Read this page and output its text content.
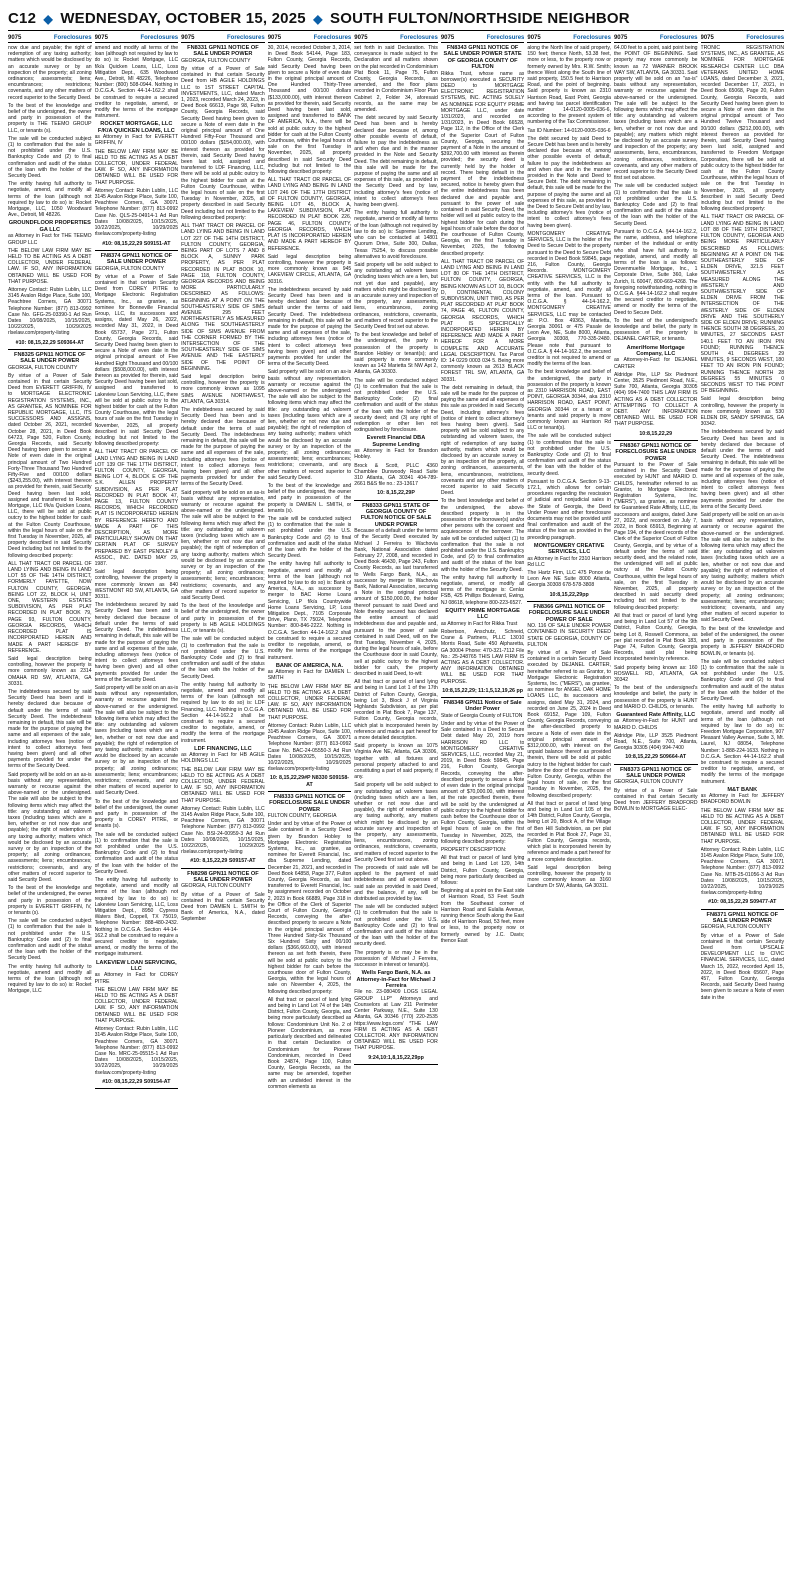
C12 ◆ WEDNESDAY, OCTOBER 15, 2025 ◆ SOUTH FULTON/NORTHSIDE NEIGHBOR
9075	Foreclosures

now due and payable; the right of redemption of any taxing authority; matters which would be disclosed by an accurate survey or by an inspection of the property; all zoning ordinances; assessments; liens; encumbrances; restrictions; covenants, and any other matters of record superior to the Security Deed.

To the best of the knowledge and belief of the undersigned, the owner and party in possession of the property is THE TEEMO GROUP LLC, or tenants (s).

The sale will be conducted subject (1) to confirmation that the sale is not prohibited under the U.S. Bankruptcy Code and (2) to final confirmation and audit of the status of the loan with the holder of the Security Deed.

The entity having full authority to negotiate, amend, and modify all terms of the loan (although not required by law to do so) is: Rocket Mortgage, LLC, 1050 Woodward Ave., Detroit, MI 48226.

GROUNDFLOOR PROPERTIES GA LLC

as Attorney in Fact for THE TEEMO GROUP LLC

THE BELOW LAW FIRM MAY BE HELD TO BE ACTING AS A DEBT COLLECTOR, UNDER FEDERAL LAW. IF SO, ANY INFORMATION OBTAINED WILL BE USED FOR THAT PURPOSE.

Attorney Contact: Rubin Lublin, LLC 3145 Avalon Ridge Place, Suite 100, Peachtree Corners, GA 30071 Telephone Number: (877) 813-0992 Case No. GFG-25-03390-1 Ad Run Dates 10/08/2025, 10/15/2025, 10/22/2025, 10/29/2025 rlselaw.com/property-listing

#10: 08,15,22,29 S09364-AT
FN8325 GPN11 NOTICE OF SALE UNDER POWER

GEORGIA, FULTON COUNTY

By virtue of a Power of Sale contained in that certain Security Deed from EVERETT GRIFFIN, IV to MORTGAGE ELECTRONIC REGISTRATION SYSTEMS, INC., AS GRANTEE, AS NOMINEE FOR REPUBLIC MORTGAGE, LLC, ITS SUCCESSORS AND ASSIGNS, dated October 26, 2021, recorded October 28, 2021, in Deed Book 64723, Page 520, Fulton County, Georgia Records, said Security Deed having been given to secure a Note of even date in the original principal amount of Two Hundred Forty-Three Thousand Two Hundred Fifty-Five and 00/100 dollars ($243,255.00), with interest thereon as provided for therein, said Security Deed having been last sold, assigned and transferred to Rocket Mortgage, LLC f/k/a Quicken Loans, LLC, there will be sold at public outcry to the highest bidder for cash at the Fulton County Courthouse, within the legal hours of sale on the first Tuesday in November, 2025, all property described in said Security Deed including but not limited to the following described property:

ALL THAT TRACT OR PARCEL OF LAND LYING AND BEING IN LAND LOT 55 OF THE 14TH DISTRICT, FORMERLY FAYETTE, NOW FULTON COUNTY, GEORGIA, BEING LOT 22, BLOCK H, UNIT ONE, WESTERN ESTATES SUBDIVISION, AS PER PLAT RECORDED IN PLAT BOOK 79, PAGE 93, FULTON COUNTY, GEORGIA RECORDS, WHICH RECORDED PLAT IS INCORPORATED HEREIN AND MADE A PART HEREOF BY REFERENCE.

Said legal description being controlling, however the property is more commonly known as 2314 OMAHA RD SW, ATLANTA, GA 30331.

The indebtedness secured by said Security Deed has been and is hereby declared due because of default under the terms of said Security Deed. The indebtedness remaining in default, this sale will be made for the purpose of paying the same and all expenses of the sale, including attorneys fees (notice of intent to collect attorneys fees having been given) and all other payments provided for under the terms of the Security Deed.

Said property will be sold on an as-is basis without any representation, warranty or recourse against the above-named or the undersigned. The sale will also be subject to the following items which may affect the title: any outstanding ad valorem taxes (including taxes which are a lien, whether or not now due and payable); the right of redemption of any taxing authority; matters which would be disclosed by an accurate survey or by an inspection of the property; all zoning ordinances; assessments; liens; encumbrances; restrictions; covenants, and any other matters of record superior to said Security Deed.

To the best of the knowledge and belief of the undersigned, the owner and party in possession of the property is EVERETT GRIFFIN, IV, or tenants (s).

The sale will be conducted subject (1) to confirmation that the sale is not prohibited under the U.S. Bankruptcy Code and (2) to final confirmation and audit of the status of the loan with the holder of the Security Deed.

The entity having full authority to negotiate, amend and modify all terms of the loan (although not required by law to do so) is: Rocket Mortgage, LLC

9075	Foreclosures

amend and modify all terms of the loan (although not required by law to do so) is: Rocket Mortgage, LLC f/k/a Quicken Loans, LLC, Loss Mitigation Dept., 635 Woodward Ave., Detroit, MI 48226, Telephone Number: (800) 508-0944. Nothing in O.C.G.A. Section 44-14-162.2 shall be construed to require a secured creditor to negotiate, amend, or modify the terms of the mortgage instrument.

ROCKET MORTGAGE, LLC F/K/A QUICKEN LOANS, LLC

as Attorney in Fact for EVERETT GRIFFIN, IV

THE BELOW LAW FIRM MAY BE HELD TO BE ACTING AS A DEBT COLLECTOR, UNDER FEDERAL LAW. IF SO, ANY INFORMATION OBTAINED WILL BE USED FOR THAT PURPOSE.

Attorney Contact: Rubin Lublin, LLC 3145 Avalon Ridge Place, Suite 100, Peachtree Corners, GA 30071 Telephone Number: (877) 813-0992 Case No. QLS-25-04914-1 Ad Run Dates 10/08/2025, 10/15/2025, 10/22/2025, 10/29/2025 rlselaw.com/property-listing

#10: 08,15,22,29 S09151-AT
FN8374 GPN11 NOTICE OF SALE UNDER POWER

GEORGIA, FULTON COUNTY

By virtue of a Power of Sale contained in that certain Security Deed from COREY PITRE to Mortgage Electronic Registration Systems, Inc., as grantee, as nominee for Bonneville Financial Group, LLC, its successors and assigns, dated May 26, 2022, recorded May 31, 2022, in Deed Book 65737, Page 271, Fulton County, Georgia Records, said Security Deed having been given to secure a Note of even date in the original principal amount of Five Hundred Eight Thousand and 00/100 dollars ($508,000.00), with interest thereon as provided for therein, said Security Deed having been last sold, assigned and transferred to Lakeview Loan Servicing, LLC, there will be sold at public outcry to the highest bidder for cash at the Fulton County Courthouse, within the legal hours of sale on the first Tuesday in November, 2025, all property described in said Security Deed including but not limited to the following described property:

ALL THAT TRACT OR PARCEL OF LAND LYING AND BEING IN LAND LOT 139 OF THE 17TH DISTRICT, FULTON COUNTY, GEORGIA, BEING LOT 4, BLOCK E OF THE S.K. ALLEN PROPERTY SUBDIVISION, AS PER PLAT RECORDED IN PLAT BOOK 47, PAGE 13, FULTON COUNTY RECORDS, WHICH RECORDED PLAT IS INCORPORATED HEREIN BY REFERENCE HERETO AND MADE A PART OF THIS DESCRIPTION, AS MORE PARTICULARLY SHOWN ON THAT CERTAIN PLAT OF SURVEY PREPARED BY EAST PENDLEY & ASSOC., INC. DATED MAY 29, 1987.

Said legal description being controlling, however the property is more commonly known as 840 WESTMONT RD SW, ATLANTA, GA 30311.

The indebtedness secured by said Security Deed has been and is hereby declared due because of default under the terms of said Security Deed. The indebtedness remaining in default, this sale will be made for the purpose of paying the same and all expenses of the sale, including attorneys fees (notice of intent to collect attorneys fees having been given) and all other payments provided for under the terms of the Security Deed.

Said property will be sold on an as-is basis without any representation, warranty or recourse against the above-named or the undersigned. The sale will also be subject to the following items which may affect the title: any outstanding ad valorem taxes (including taxes which are a lien, whether or not now due and payable); the right of redemption of any taxing authority; matters which would be disclosed by an accurate survey or by an inspection of the property; all zoning ordinances; assessments; liens; encumbrances; restrictions; covenants, and any other matters of record superior to said Security Deed.

To the best of the knowledge and belief of the undersigned, the owner and party in possession of the property is COREY PITRE, or tenants (s).

The sale will be conducted subject (1) to confirmation that the sale is not prohibited under the U.S. Bankruptcy Code and (2) to final confirmation and audit of the status of the loan with the holder of the Security Deed.

The entity having full authority to negotiate, amend and modify all terms of the loan (although not required by law to do so) is: Lakeview Loan Servicing, LLC, Loss Mitigation Dept., 8950 Cypress Waters Blvd, Coppell, TX 75019, Telephone Number: 888-480-2432. Nothing in O.C.G.A. Section 44-14-162.2 shall be construed to require a secured creditor to negotiate, amend, or modify the terms of the mortgage instrument.

LAKEVIEW LOAN SERVICING, LLC

as Attorney in Fact for COREY PITRE

THE BELOW LAW FIRM MAY BE HELD TO BE ACTING AS A DEBT COLLECTOR, UNDER FEDERAL LAW. IF SO, ANY INFORMATION OBTAINED WILL BE USED FOR THAT PURPOSE.

Attorney Contact: Rubin Lublin, LLC 3145 Avalon Ridge Place, Suite 100, Peachtree Corners, GA 30071 Telephone Number: (877) 813-0992 Case No. MRC-25-05515-1 Ad Run Dates 10/08/2025, 10/15/2025, 10/22/2025, 10/29/2025 rlselaw.com/property-listing

#10: 08,15,22,29 S09154-AT
9075	Foreclosures
FN8331 GPN11 NOTICE OF SALE UNDER POWER

GEORGIA, FULTON COUNTY

By virtue of a Power of Sale contained in that certain Security Deed from HB AGILE HOLDINGS LLC to 1ST STREET CAPITAL INVESTMENTS, LLC, dated March 1, 2023, recorded March 24, 2023, in Deed Book 66613, Page 98, Fulton County, Georgia Records, said Security Deed having been given to secure a Note of even date in the original principal amount of One Hundred Fifty-Four Thousand and 00/100 dollars ($154,000.00), with interest thereon as provided for therein, said Security Deed having been last sold, assigned and transferred to LDF Financing, LLC, there will be sold at public outcry to the highest bidder for cash at the Fulton County Courthouse, within the legal hours of sale on the first Tuesday in November, 2025, all property described in said Security Deed including but not limited to the following described property:

ALL THAT TRACT OR PARCEL OF LAND LYING AND BEING IN LAND LOT 227 OF THE 14TH DISTRICT, FULTON COUNTY, GEORGIA, BEING PART OF LOTS 7 AND 8 BLOCK A, SUNNY PARK PROPERTY, AS PER PLAT RECORDED IN PLAT BOOK 10, PAGE 118, FULTON COUNTY, GEORGIA RECORDS AND BEING MORE PARTICULARLY DESCRIBED AS FOLLOWS: BEGINNING AT A POINT ON THE SOUTHEASTERLY SIDE OF SIMS AVENUE 295 FEET NORTHEASTERLY AS MEASURED ALONG THE SOUTHEASTERLY SIDE OF SIMS AVENUE FROM THE CORNER FORMED BY THE INTERSECTION OF THE SOUTHEASTERLY SIDE OF SIMS AVENUE AND THE EASTERLY SIDE OF THE POINT OF BEGINNING.

Said legal description being controlling, however the property is more commonly known as 1095 SIMS AVENUE NORTHWEST, ATLANTA, GA 30314.

The indebtedness secured by said Security Deed has been and is hereby declared due because of default under the terms of said Security Deed. The indebtedness remaining in default, this sale will be made for the purpose of paying the same and all expenses of the sale, including attorneys fees (notice of intent to collect attorneys fees having been given) and all other payments provided for under the terms of the Security Deed.

Said property will be sold on an as-is basis without any representation, warranty or recourse against the above-named or the undersigned. The sale will also be subject to the following items which may affect the title: any outstanding ad valorem taxes (including taxes which are a lien, whether or not now due and payable); the right of redemption of any taxing authority; matters which would be disclosed by an accurate survey or by an inspection of the property; all zoning ordinances; assessments; liens; encumbrances; restrictions; covenants, and any other matters of record superior to said Security Deed.

To the best of the knowledge and belief of the undersigned, the owner and party in possession of the property is HB AGILE HOLDINGS LLC, or tenants (s).

The sale will be conducted subject (1) to confirmation that the sale is not prohibited under the U.S. Bankruptcy Code and (2) to final confirmation and audit of the status of the loan with the holder of the Security Deed.

The entity having full authority to negotiate, amend and modify all terms of the loan (although not required by law to do so) is: LDF Financing, LLC. Nothing in O.C.G.A. Section 44-14-162.2 shall be construed to require a secured creditor to negotiate, amend, or modify the terms of the mortgage instrument.

LDF FINANCING, LLC

as Attorney in Fact for HB AGILE HOLDINGS LLC

THE BELOW LAW FIRM MAY BE HELD TO BE ACTING AS A DEBT COLLECTOR, UNDER FEDERAL LAW. IF SO, ANY INFORMATION OBTAINED WILL BE USED FOR THAT PURPOSE.

Attorney Contact: Rubin Lublin, LLC 3145 Avalon Ridge Place, Suite 100, Peachtree Corners, GA 30071 Telephone Number: (877) 813-0992 Case No. BSI-24-00959-3 Ad Run Dates 10/08/2025, 10/15/2025, 10/22/2025, 10/29/2025 rlselaw.com/property-listing

#10: 8,15,22,29 S09157-AT
FN8298 GPN11 NOTICE OF SALE UNDER POWER

GEORGIA, FULTON COUNTY

By virtue of a Power of Sale contained in that certain Security Deed from DAMIEN L. SMITH to Bank of America, N.A., dated September

9075	Foreclosures

30, 2014, recorded October 3, 2014, in Deed Book 54144, Page 183, Fulton County, Georgia Records, said Security Deed having been given to secure a Note of even date in the original principal amount of One Hundred Thirty-Three Thousand and 00/100 dollars ($133,000.00), with interest thereon as provided for therein, said Security Deed having been last sold, assigned and transferred to BANK OF AMERICA, N.A., there will be sold at public outcry to the highest bidder for cash at the Fulton County Courthouse, within the legal hours of sale on the first Tuesday in November, 2025, all property described in said Security Deed including but not limited to the following described property:

ALL THAT TRACT OR PARCEL OF LAND LYING AND BEING IN LAND LOT 246 OF THE 17TH DISTRICT OF FULTON COUNTY, GEORGIA, BEING LOT 45, BLOCK A, LAKEVIEW SUBDIVISION, PLAT RECORDED IN PLAT BOOK 226, PAGE 46, FULTON COUNTY, GEORGIA RECORDS, WHICH PLAT IS INCORPORATED HEREIN AND MADE A PART HEREOF BY REFERENCE.

Said legal description being controlling, however the property is more commonly known as 945 LAKEVIEW CIRCLE, ATLANTA, GA 30316.

The indebtedness secured by said Security Deed has been and is hereby declared due because of default under the terms of said Security Deed. The indebtedness remaining in default, this sale will be made for the purpose of paying the same and all expenses of the sale, including attorneys fees (notice of intent to collect attorneys fees having been given) and all other payments provided for under the terms of the Security Deed.

Said property will be sold on an as-is basis without any representation, warranty or recourse against the above-named or the undersigned. The sale will also be subject to the following items which may affect the title: any outstanding ad valorem taxes (including taxes which are a lien, whether or not now due and payable); the right of redemption of any taxing authority; matters which would be disclosed by an accurate survey or by an inspection of the property; all zoning ordinances; assessments; liens; encumbrances; restrictions; covenants, and any other matters of record superior to said Security Deed.

To the best of the knowledge and belief of the undersigned, the owner and party in possession of the property is DAMIEN L. SMITH, or tenants (s).

The sale will be conducted subject (1) to confirmation that the sale is not prohibited under the U.S. Bankruptcy Code and (2) to final confirmation and audit of the status of the loan with the holder of the Security Deed.

The entity having full authority to negotiate, amend and modify all terms of the loan (although not required by law to do so) is: Bank of America, N.A., as successor by merger to BAC Home Loans Servicing, LP f/k/a Countrywide Home Loans Servicing, LP, Loss Mitigation Dept., 7105 Corporate Drive, Plano, TX 75024, Telephone Number: 800-846-2222. Nothing in O.C.G.A. Section 44-14-162.2 shall be construed to require a secured creditor to negotiate, amend, or modify the terms of the mortgage instrument.

BANK OF AMERICA, N.A.

as Attorney in Fact for DAMIEN L. SMITH

THE BELOW LAW FIRM MAY BE HELD TO BE ACTING AS A DEBT COLLECTOR, UNDER FEDERAL LAW. IF SO, ANY INFORMATION OBTAINED WILL BE USED FOR THAT PURPOSE.

Attorney Contact: Rubin Lublin, LLC 3145 Avalon Ridge Place, Suite 100, Peachtree Corners, GA 30071 Telephone Number: (877) 813-0992 Case No. BAC-24-05550-3 Ad Run Dates 10/08/2025, 10/15/2025, 10/22/2025, 10/29/2025 rlselaw.com/property-listing

10: 8,15,22,29#P N8330 S09158-AT
FN8333 GPN11 NOTICE OF FORECLOSURE SALE UNDER POWER

FULTON COUNTY, GEORGIA

Under and by virtue of the Power of Sale contained in a Security Deed given by Brandon Hobley to Mortgage Electronic Registration Systems, Inc., as grantee, as nominee for Everett Financial, Inc. dba Supreme Lending, dated December 21, 2021, and recorded in Deed Book 64858, Page 377, Fulton County, Georgia Records, as last transferred to Everett Financial, Inc. by assignment recorded on October 2, 2023 in Book 66889, Page 318 in the Office of the Clerk of Superior Court of Fulton County, Georgia Records, conveying the after-described property to secure a Note in the original principal amount of Three Hundred Sixty-Six Thousand Six Hundred Sixty and 00/100 dollars ($366,660.00), with interest thereon as set forth therein, there will be sold at public outcry to the highest bidder for cash before the courthouse door of Fulton County, Georgia, within the legal hours of sale on November 4, 2025, the following described property:

All that tract or parcel of land lying and being in Land Lot 74 of the 14th District, Fulton County, Georgia, and being more particularly described as follows: Condominium Unit No. 2 of Pioneer Condominium, as more particularly described and delineated in that certain Declaration of Condominium for Pioneer Condominium, recorded in Deed Book 24874, Page 100, Fulton County, Georgia Records, as the same may be amended, together with an undivided interest in the common elements as

9075	Foreclosures

set forth in said Declaration. This conveyance is made subject to the Declaration and all matters shown on the plat recorded in Condominium Plat Book 11, Page 75, Fulton County, Georgia Records, as amended, and the floor plans recorded in Condominium Floor Plan Cabinet 2, Folder 34, aforesaid records, as the same may be amended.

The debt secured by said Security Deed has been and is hereby declared due because of, among other possible events of default, failure to pay the indebtedness as and when due and in the manner provided in the Note and Security Deed. The debt remaining in default, this sale will be made for the purpose of paying the same and all expenses of this sale, as provided in the Security Deed and by law, including attorney's fees (notice of intent to collect attorney's fees having been given).

The entity having full authority to negotiate, amend or modify all terms of the loan (although not required by law to do so) is: Supreme Lending, who can be contacted at 14801 Quorum Drive, Suite 300, Dallas, Texas 75254, to discuss possible alternatives to avoid foreclosure.

Said property will be sold subject to any outstanding ad valorem taxes (including taxes which are a lien, but not yet due and payable), any matters which might be disclosed by an accurate survey and inspection of the property, any assessments, liens, encumbrances, zoning ordinances, restrictions, covenants, and matters of record superior to the Security Deed first set out above.

To the best knowledge and belief of the undersigned, the party in possession of the property is Brandon Hobley or tenant(s); and said property is more commonly known as 142 Marietta St NW Apt 2, Atlanta, GA 30303.

The sale will be conducted subject (1) to confirmation that the sale is not prohibited under the U.S. Bankruptcy Code; (2) final confirmation and audit of the status of the loan with the holder of the security deed; and (3) any right of redemption or other lien not extinguished by foreclosure.

Everett Financial DBA Supreme Lending

as Attorney in Fact for Brandon Hobley.

Brock & Scott, PLLC 4360 Chamblee Dunwoody Road Suite 310 Atlanta, GA 30341 404-789-2661 B&S file no.: 23-13617

10: 8,15,22,29P
FN8333 GPN11 STATE OF GEORGIA COUNTY OF FULTON NOTICE OF SALE UNDER POWER

Because of a default under the terms of the Security Deed executed by Michael J Ferreira to Wachovia Bank, National Association dated February 27, 2008, and recorded in Deed Book 46430, Page 243, Fulton County Records, as last transferred to Wells Fargo Bank, N.A., as successor by merger to Wachovia Bank, National Association, securing a Note in the original principal amount of $150,000.00, the holder thereof pursuant to said Deed and Note thereby secured has declared the entire amount of said indebtedness due and payable and, pursuant to the power of sale contained in said Deed, will on the first Tuesday, November 4, 2025, during the legal hours of sale, before the Courthouse door in said County, sell at public outcry to the highest bidder for cash, the property described in said Deed, to-wit:

All that tract or parcel of land lying and being in Land Lot 1 of the 17th District of Fulton County, Georgia, being Lot 3, Block J of Virginia Highlands Subdivision, as per plat recorded in Plat Book 7, Page 137, Fulton County, Georgia records, which plat is incorporated herein by reference and made a part hereof for a more detailed description.

Said property is known as 1075 Virginia Ave NE, Atlanta, GA 30306, together with all fixtures and personal property attached to and constituting a part of said property, if any.

Said property will be sold subject to any outstanding ad valorem taxes (including taxes which are a lien, whether or not now due and payable), the right of redemption of any taxing authority, any matters which might be disclosed by an accurate survey and inspection of the property, any assessments, liens, encumbrances, zoning ordinances, restrictions, covenants, and matters of record superior to the Security Deed first set out above.

The proceeds of said sale will be applied to the payment of said indebtedness and all expenses of said sale as provided in said Deed, and the balance, if any, will be distributed as provided by law.

The sale will be conducted subject (1) to confirmation that the sale is not prohibited under the U.S. Bankruptcy Code and (2) to final confirmation and audit of the status of the loan with the holder of the security deed.

The property is or may be in the possession of Michael J Ferreira, successor in interest or tenant(s).

Wells Fargo Bank, N.A. as Attorney-in-Fact for Michael J Ferreira

File no. 23-080409 LOGS LEGAL GROUP LLP* Attorneys and Counselors at Law 211 Perimeter Center Parkway, N.E., Suite 130 Atlanta, GA 30346 (770) 220-2535 https://www.logs.com/ *THE LAW FIRM IS ACTING AS A DEBT COLLECTOR. ANY INFORMATION OBTAINED WILL BE USED FOR THAT PURPOSE.

9:24,10:1,8,15,22,29pp
9075	Foreclosures
FN8343 GPN11 NOTICE OF SALE UNDER POWER STATE OF GEORGIA COUNTY OF FULTON

Rikka Trust, whose name as borrower(s) executed a SECURITY DEED to MORTGAGE ELECTRONIC REGISTRATION SYSTEMS, INC. ACTING SOLELY AS NOMINEE FOR EQUITY PRIME MORTGAGE LLC, under date 1/31/2023, and recorded on 1/31/2023, in Deed Book 66528, Page 112, in the Office of the Clerk of the Superior Court of Fulton County, Georgia, securing the payment of a Note in the amount of $392,700.00 with interest as therein provided; the security deed is currently held by the holder of record. There being default in the payment of the indebtedness secured, notice is hereby given that the entire indebtedness has been declared due and payable and, pursuant to the power of sale contained in said Security Deed, the holder will sell at public outcry to the highest bidder for cash during the legal hours of sale before the door of the courthouse of Fulton County, Georgia, on the first Tuesday in November, 2025, the following described property:

ALL THAT TRACT OR PARCEL OF LAND LYING AND BEING IN LAND LOT 80 OF THE 14TH DISTRICT, FULTON COUNTY, GEORGIA, BEING KNOWN AS LOT 10, BLOCK D, CONTINENTAL COLONY SUBDIVISION, UNIT TWO, AS PER PLAT RECORDED AT PLAT BOOK 74, PAGE 46, FULTON COUNTY, GEORGIA RECORDS, WHICH PLAT IS SPECIFICALLY INCORPORATED HEREIN BY REFERENCE AND MADE A PART HEREOF FOR A MORE COMPLETE AND ACCURATE LEGAL DESCRIPTION. Tax Parcel ID: 14 0229 0003 034 5. Being more commonly known as 2613 BLACK FOREST TRL SW, ATLANTA, GA 30331.

The debt remaining in default, this sale will be made for the purpose of paying the same and all expenses of this sale as provided in said Security Deed, including attorney's fees (notice of intent to collect attorney's fees having been given). Said property will be sold subject to any outstanding ad valorem taxes, the right of redemption of any taxing authority, matters which would be disclosed by an accurate survey or by an inspection of the property, all zoning ordinances, assessments, liens, encumbrances, restrictions, covenants and any other matters of record superior to said Security Deed.

To the best knowledge and belief of the undersigned, the above-described property is in the possession of the borrower(s) and/or other persons with the consent and acquiescence of the borrower. The sale will be conducted subject (1) to confirmation that the sale is not prohibited under the U.S. Bankruptcy Code, and (2) to final confirmation and audit of the status of the loan with the holder of the Security Deed.

The entity having full authority to negotiate, amend, or modify all terms of the mortgage is: Cenlar FSB, 425 Phillips Boulevard, Ewing, NJ 08618, telephone 800-223-6527.

EQUITY PRIME MORTGAGE LLC

as Attorney in Fact for Rikka Trust

Robertson, Anschutz, Schneid, Crane & Partners, PLLC 13010 Morris Road, Suite 450 Alpharetta, GA 30004 Phone: 470-321-7112 File No.: 25-248765 THIS LAW FIRM IS ACTING AS A DEBT COLLECTOR. ANY INFORMATION OBTAINED WILL BE USED FOR THAT PURPOSE.

10:8,15,22,29; 11:1,5,12,19,26 pp
FN8348 GPN11 Notice of Sale Under Power

State of Georgia County of FULTON

Under and by virtue of the Power of Sale contained in a Deed to Secure Debt dated May 20, 2019 from HARRISON RD LLC to MONTGOMERY CREATIVE SERVICES, LLC, recorded May 21, 2019, in Deed Book 59845, Page 216, Fulton County, Georgia Records, conveying the after-described property to secure a Note of even date in the original principal amount of $70,000.00, with interest at the rate specified therein, there will be sold by the undersigned at public outcry to the highest bidder for cash before the Courthouse door of Fulton County, Georgia, within the legal hours of sale on the first Tuesday in November, 2025, the following described property:

PROPERTY DESCRIPTION:

All that tract or parcel of land lying and being in Land Lot 120, 14th District, Fulton County, Georgia, being more particularly described as follows:

Beginning at a point on the East side of Harrison Road, 53 Feet South from the Southeast corner of Harrison Road and Eulalia Avenue, running thence South along the East side of Harrison Road, 53 feet, more or less, to the property now or formerly owned by J.C. Davis; thence East

9075	Foreclosures

along the North line of said property, 150 feet; thence North, 53.38 feet, more or less, to the property now or formerly owned by Mrs. R.W. Smith; thence West along the South line of said property, 150.5 feet to Harrison Road, and the point of beginning. Said property is known as 2310 Harrison Road, East Point, Georgia and having tax parcel identification number 14-0120-0005-036-6, according to the present system of numbering of the Tax Commissioner.

Tax ID Number: 14-0120-0005-036-6

The debt secured by said Deed to Secure Debt has been and is hereby declared due because of, among other possible events of default, failure to pay the indebtedness as and when due and in the manner provided in the Note and Deed to Secure Debt. The debt remaining in default, this sale will be made for the purpose of paying the same and all expenses of this sale, as provided in the Deed to Secure Debt and by law, including attorney's fees (notice of intent to collect attorney's fees having been given).

MONTGOMERY CREATIVE SERVICES, LLC is the holder of the Deed to Secure Debt to the property pursuant to the Deed to Secure Debt recorded in Deed Book 59845, page 216, Fulton County, Georgia Records. MONTGOMERY CREATIVE SERVICES, LLC is the entity with the full authority to negotiate, amend, and modify all terms of the loan. Pursuant to O.C.G.A. § 44-14-162.2, MONTGOMERY CREATIVE SERVICES, LLC may be contacted at: P.O. Box 49363, Marietta, Georgia 30061 or 475 Pasale de Leon Ave, NE, Suite 8000, Atlanta, Georgia 30308, 770-335-2480. Please note that pursuant to O.C.G.A. § 44-14-162.2, the secured creditor is not required to amend or modify the terms of the loan.

To the best knowledge and belief of the undersigned, the party in possession of the property is known as 2310 HARRISON ROAD, EAST POINT, GEORGIA 30344, aka 2310 HARRISON ROAD, EAST POINT, GEORGIA 30344 or a tenant or tenants and said property is more commonly known as Harrison Rd LLC or tenant(s).

The sale will be conducted subject (1) to confirmation that the sale is not prohibited under the U.S. Bankruptcy Code and (2) to final confirmation and audit of the status of the loan with the holder of the security deed.

Pursuant to O.C.G.A. Section 9-13-172.1, which allows for certain procedures regarding the rescission of judicial and nonjudicial sales in the State of Georgia, the Deed Under Power and other foreclosure documents may not be provided until final confirmation and audit of the status of the loan as provided in the preceding paragraph.

MONTGOMERY CREATIVE SERVICES, LLC

as Attorney in Fact for 2310 Harrison Rd LLC

The Hartz Firm, LLC 475 Ponce de Leon Ave NE Suite 8000 Atlanta, Georgia 30308 678-578-3808

10:8,15,22,29pp
FN8366 GPN11 NOTICE OF FORECLOSURE SALE UNDER POWER OF SALE

NO. 116 OF SALE UNDER POWER CONTAINED IN SECURITY DEED STATE OF GEORGIA, COUNTY OF FULTON

By virtue of a Power of Sale contained in a certain Security Deed executed by DEJANEL CARTER, hereinafter referred to as Grantor, to Mortgage Electronic Registration Systems, Inc. ("MERS"), as grantee, as nominee for ANGEL OAK HOME LOANS LLC, its successors and assigns, dated May 31, 2024, and recorded on June 25, 2024 in Deed Book 69152, Page 109, Fulton County, Georgia Records, conveying the after-described property to secure a Note of even date in the original principal amount of $312,000.00, with interest on the unpaid balance thereof as provided therein, there will be sold at public outcry to the highest bidder for cash before the door of the courthouse of Fulton County, Georgia, within the legal hours of sale, on the first Tuesday in November, 2025, the following described property:

All that tract or parcel of land lying and being in Land Lot 105 of the 14th District, Fulton County, Georgia, being Lot 20, Block A, of the Village of Ben Hill Subdivision, as per plat recorded in Plat Book 27, Page 31, Fulton County, Georgia records, which plat is incorporated herein by reference and made a part hereof for a more complete description.

Said legal description being controlling, however the property is more commonly known as 3160 Landrum Dr SW, Atlanta, GA 30311.

9075	Foreclosures

64.00 feet to a point, said point being the POINT OF BEGINNING. Said property may more commonly be known as 72 WARNER BROOK WAY SW, ATLANTA, GA 30331. Said property will be sold on an "as-is" basis without any representation, warranty or recourse against the above-named or the undersigned. The sale will be subject to the following items which may affect the title: any outstanding ad valorem taxes (including taxes which are a lien, whether or not now due and payable); any matters which might be disclosed by an accurate survey and inspection of the property; any assessments, liens, encumbrances, zoning ordinances, restrictions, covenants, and any other matters of record superior to the Security Deed first set out above.

The sale will be conducted subject (1) to confirmation that the sale is not prohibited under the U.S. Bankruptcy Code and (2) to final confirmation and audit of the status of the loan with the holder of the Security Deed.

Pursuant to O.C.G.A. §44-14-162.2, the name, address, and telephone number of the individual or entity who shall have full authority to negotiate, amend, and modify all terms of the loan is as follows: Dovenmuehle Mortgage, Inc., 1 Corporate Drive, Suite 360, Lake Zurich, IL 60047, 800-669-4268. The foregoing notwithstanding, nothing in O.C.G.A. §44-14-162.2 shall require the secured creditor to negotiate, amend or modify the terms of the Deed to Secure Debt.

To the best of the undersigned's knowledge and belief, the party in possession of the property is DEJANEL CARTER, or tenants.

AmeriHome Mortgage Company, LLC

as Attorney-in-Fact for DEJANEL CARTER

Aldridge Pite, LLP Six Piedmont Center, 3525 Piedmont Road, N.E., Suite 700, Atlanta, Georgia 30305 (404) 994-7400 THIS LAW FIRM IS ACTING AS A DEBT COLLECTOR ATTEMPTING TO COLLECT A DEBT. ANY INFORMATION OBTAINED WILL BE USED FOR THAT PURPOSE.

10:8,15,22,29
FN8367 GPN11 NOTICE OF FORECLOSURE SALE UNDER POWER

Pursuant to the Power of Sale contained in the Security Deed executed by HUNT and MARIO D. CHILDS, hereinafter referred to as Grantor, to Mortgage Electronic Registration Systems, Inc. ("MERS"), as grantee, as nominee for Guaranteed Rate Affinity, LLC, its successors and assigns, dated June 27, 2022, and recorded on July 7, 2022, in Book 65913, Beginning at Page 194, of the deed records of the Clerk of the Superior Court of Fulton County, Georgia, and by virtue of a default under the terms of said security deed, and the related note, the undersigned will sell at public outcry at the Fulton County Courthouse, within the legal hours of sale, on the first Tuesday in November, 2025, all property described in said security deed including but not limited to the following described property:

All that tract or parcel of land lying and being in Land Lot 57 of the 9th District, Fulton County, Georgia, being Lot 8, Roswell Commons, as per plat recorded in Plat Book 183, Page 74, Fulton County, Georgia Records, said plat being incorporated herein by reference.

Said property being known as: 160 ROSWELL RD, ATLANTA, GA 30342

To the best of the undersigned's knowledge and belief, the party in possession of the property is HUNT and MARIO D. CHILDS, or tenants.

Guaranteed Rate Affinity, LLC

as Attorney-in-Fact for HUNT and MARIO D. CHILDS

Aldridge Pite, LLP 3525 Piedmont Road, N.E., Suite 700, Atlanta, Georgia 30305 (404) 994-7400

10:8,15,22,29 S09664-AT
FN8373 GPN11 NOTICE OF SALE UNDER POWER

GEORGIA, FULTON COUNTY

By virtue of a Power of Sale contained in that certain Security Deed from JEFFERY BRADFORD BOWLIN to MORTGAGE ELEC-

9075	Foreclosures

TRONIC REGISTRATION SYSTEMS, INC., AS GRANTEE, AS NOMINEE FOR MORTGAGE RESEARCH CENTER LLC DBA VETERANS UNITED HOME LOANS, dated December 3, 2021, recorded December 17, 2021, in Deed Book 65068, Page 20, Fulton County, Georgia Records, said Security Deed having been given to secure a Note of even date in the original principal amount of Two Hundred Twelve Thousand and 00/100 dollars ($212,000.00), with interest thereon as provided for therein, said Security Deed having been last sold, assigned and transferred to Freedom Mortgage Corporation, there will be sold at public outcry to the highest bidder for cash at the Fulton County Courthouse, within the legal hours of sale on the first Tuesday in November, 2025, all property described in said Security Deed including but not limited to the following described property:

ALL THAT TRACT OR PARCEL OF LAND LYING AND BEING IN LAND LOT 88 OF THE 19TH DISTRICT, FULTON COUNTY, GEORGIA AND BEING MORE PARTICULARLY DESCRIBED AS FOLLOWS: BEGINNING AT A POINT ON THE SOUTHEASTERLY SIDE OF ELDEN DRIVE, 321.5 FEET SOUTHWESTERLY AS MEASURED ALONG THE WESTERLY AND SOUTHWESTERLY SIDE OF ELDEN DRIVE FROM THE INTERSECTION OF THE WESTERLY SIDE OF ELDEN DRIVE AND THE SOUTHERLY SIDE OF ELDEN DRIVE; RUNNING THENCE SOUTH 38 DEGREES, 20 MINUTES, 27 SECONDS EAST 140.1 FEET TO AN IRON PIN FOUND; RUNNING THENCE SOUTH 41 DEGREES 29 MINUTES, 9 SECONDS WEST, 180 FEET TO AN IRON PIN FOUND; RUNNING THENCE NORTH 28 DEGREES 55 MINUTES 0 SECONDS WEST TO THE POINT OF BEGINNING.

Said legal description being controlling, however the property is more commonly known as 530 ELDEN DR, SANDY SPRINGS, GA 30342.

The indebtedness secured by said Security Deed has been and is hereby declared due because of default under the terms of said Security Deed. The indebtedness remaining in default, this sale will be made for the purpose of paying the same and all expenses of the sale, including attorneys fees (notice of intent to collect attorneys fees having been given) and all other payments provided for under the terms of the Security Deed.

Said property will be sold on an as-is basis without any representation, warranty or recourse against the above-named or the undersigned. The sale will also be subject to the following items which may affect the title: any outstanding ad valorem taxes (including taxes which are a lien, whether or not now due and payable); the right of redemption of any taxing authority; matters which would be disclosed by an accurate survey or by an inspection of the property; all zoning ordinances; assessments; liens; encumbrances; restrictions; covenants, and any other matters of record superior to said Security Deed.

To the best of the knowledge and belief of the undersigned, the owner and party in possession of the property is JEFFERY BRADFORD BOWLIN, or tenants (s).

The sale will be conducted subject (1) to confirmation that the sale is not prohibited under the U.S. Bankruptcy Code and (2) to final confirmation and audit of the status of the loan with the holder of the Security Deed.

The entity having full authority to negotiate, amend and modify all terms of the loan (although not required by law to do so) is: Freedom Mortgage Corporation, 907 Pleasant Valley Avenue, Suite 3, Mt. Laurel, NJ 08054, Telephone Number: 1-888-224-1633. Nothing in O.C.G.A. Section 44-14-162.2 shall be construed to require a secured creditor to negotiate, amend, or modify the terms of the mortgage instrument.

M&T BANK

as Attorney in Fact for JEFFERY BRADFORD BOWLIN

THE BELOW LAW FIRM MAY BE HELD TO BE ACTING AS A DEBT COLLECTOR, UNDER FEDERAL LAW. IF SO, ANY INFORMATION OBTAINED WILL BE USED FOR THAT PURPOSE.

Attorney Contact: Rubin Lublin, LLC 3145 Avalon Ridge Place, Suite 100, Peachtree Corners, GA 30071 Telephone Number: (877) 813-0992 Case No. MTB-25-01056-3 Ad Run Dates 10/08/2025, 10/15/2025, 10/22/2025, 10/29/2025 rlselaw.com/property-listing

#10: 08,15,22,29 S09477-AT
FN8371 GPN11 NOTICE OF SALE UNDER POWER

GEORGIA, FULTON COUNTY

By virtue of a Power of Sale contained in that certain Security Deed from UPSCALE DEVELOPMENT LLC to CIVIC FINANCIAL SERVICES, LLC, dated March 15, 2022, recorded April 15, 2022, in Deed Book 65607, Page 457, Fulton County, Georgia Records, said Security Deed having been given to secure a Note of even date in the
